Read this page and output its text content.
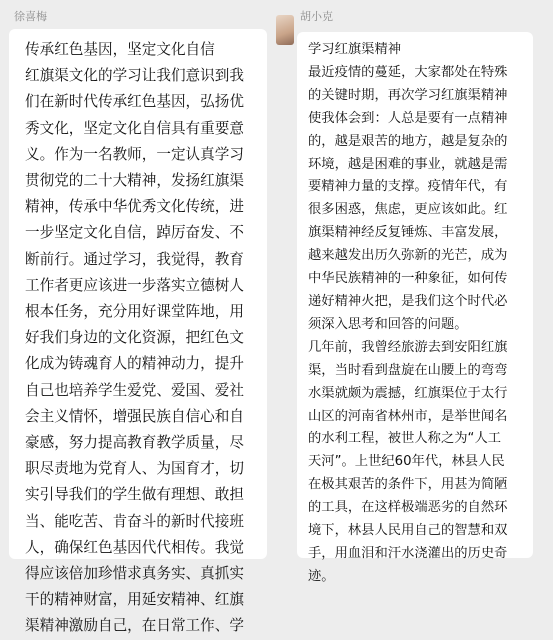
徐喜梅	胡小克
传承红色基因，坚定文化自信
红旗渠文化的学习让我们意识到我
们在新时代传承红色基因，弘扬优
秀文化，坚定文化自信具有重要意
义。作为一名教师，一定认真学习
贯彻党的二十大精神，发扬红旗渠
精神，传承中华优秀文化传统，进
一步坚定文化自信，踔厉奋发、不
断前行。通过学习，我觉得，教育
工作者更应该进一步落实立德树人
根本任务，充分用好课堂阵地，用
好我们身边的文化资源，把红色文
化成为铸魂育人的精神动力，提升
自己也培养学生爱党、爱国、爱社
会主义情怀，增强民族自信心和自
豪感，努力提高教育教学质量，尽
职尽责地为党育人、为国育才，切
实引导我们的学生做有理想、敢担
当、能吃苦、肯奋斗的新时代接班
人，确保红色基因代代相传。我觉
得应该倍加珍惜求真务实、真抓实
干的精神财富，用延安精神、红旗
渠精神激励自己，在日常工作、学
学习红旗渠精神
最近疫情的蔓延，大家都处在特殊
的关键时期，再次学习红旗渠精神
使我体会到：人总是要有一点精神
的，越是艰苦的地方，越是复杂的
环境，越是困难的事业，就越是需
要精神力量的支撑。疫情年代，有
很多困惑，焦虑，更应该如此。红
旗渠精神经反复锤炼、丰富发展，
越来越发出历久弥新的光芒，成为
中华民族精神的一种象征，如何传
递好精神火把，是我们这个时代必
须深入思考和回答的问题。
几年前，我曾经旅游去到安阳红旗
渠，当时看到盘旋在山腰上的弯弯
水渠就颇为震撼，红旗渠位于太行
山区的河南省林州市，是举世闻名
的水利工程，被世人称之为“人工
天河”。上世纪60年代，林县人民
在极其艰苦的条件下，用甚为简陋
的工具，在这样极端恶劣的自然环
境下，林县人民用自己的智慧和双
手，用血泪和汗水浇灌出的历史奇
迹。
